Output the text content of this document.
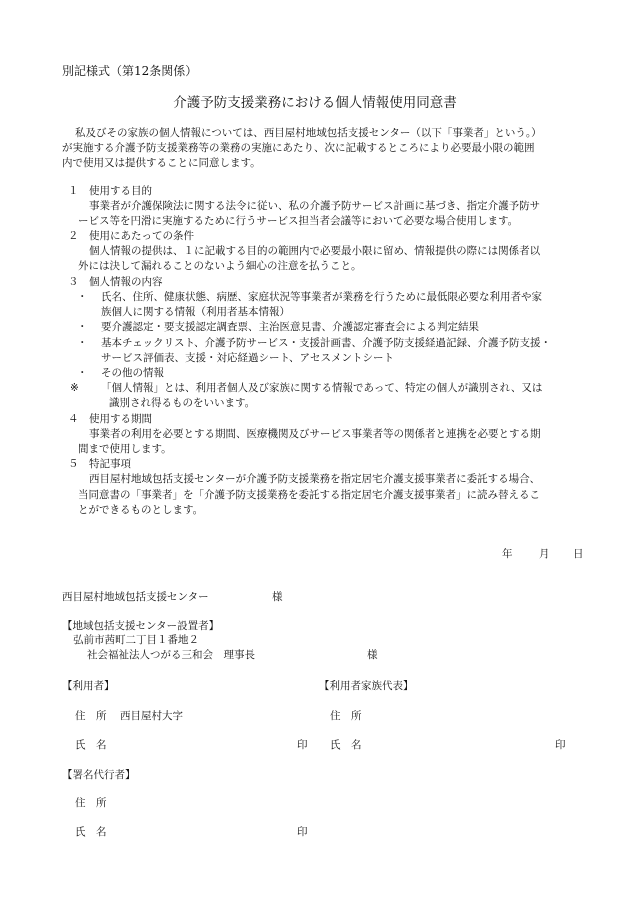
別記様式（第12条関係）
介護予防支援業務における個人情報使用同意書
私及びその家族の個人情報については、西目屋村地域包括支援センター（以下「事業者」という。）
が実施する介護予防支援業務等の業務の実施にあたり、次に記載するところにより必要最小限の範囲
内で使用又は提供することに同意します。
１　使用する目的
事業者が介護保険法に関する法令に従い、私の介護予防サービス計画に基づき、指定介護予防サ
ービス等を円滑に実施するために行うサービス担当者会議等において必要な場合使用します。
２　使用にあたっての条件
個人情報の提供は、１に記載する目的の範囲内で必要最小限に留め、情報提供の際には関係者以
外には決して漏れることのないよう細心の注意を払うこと。
３　個人情報の内容
・ 氏名、住所、健康状態、病歴、家庭状況等事業者が業務を行うために最低限必要な利用者や家
族個人に関する情報（利用者基本情報）
・ 要介護認定・要支援認定調査票、主治医意見書、介護認定審査会による判定結果
・ 基本チェックリスト、介護予防サービス・支援計画書、介護予防支援経過記録、介護予防支援・
サービス評価表、支援・対応経過シート、アセスメントシート
・ その他の情報
※ 「個人情報」とは、利用者個人及び家族に関する情報であって、特定の個人が識別され、又は
識別され得るものをいいます。
４　使用する期間
事業者の利用を必要とする期間、医療機関及びサービス事業者等の関係者と連携を必要とする期
間まで使用します。
５　特記事項
西目屋村地域包括支援センターが介護予防支援業務を指定居宅介護支援事業者に委託する場合、
当同意書の「事業者」を「介護予防支援業務を委託する指定居宅介護支援事業者」に読み替えるこ
とができるものとします。
年	月 日
西目屋村地域包括支援センター	様
【地域包括支援センター設置者】
弘前市茜町二丁目１番地２
社会福祉法人つがる三和会　理事長	様
【利用者】
住　所 西目屋村大字
氏　名	印
【利用者家族代表】
住　所
氏　名	印
【署名代行者】
住　所
氏　名	印
